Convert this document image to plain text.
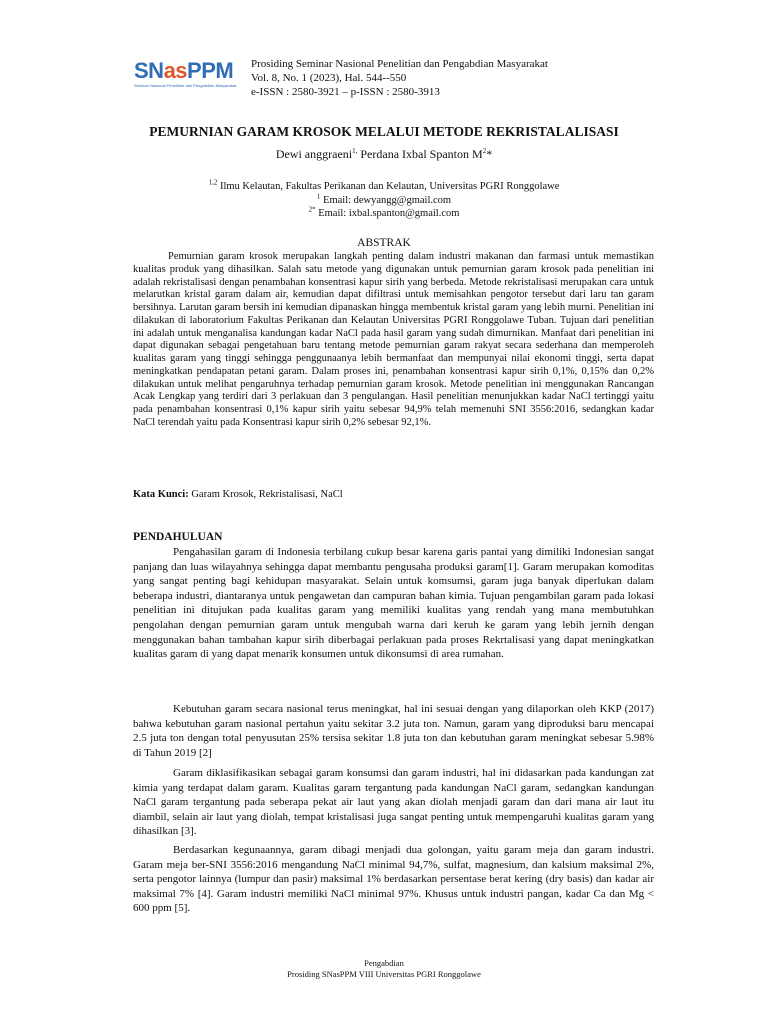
SNasPPM
Seminar Nasional Penelitian dan Pengabdian Masyarakat
Prosiding Seminar Nasional Penelitian dan Pengabdian Masyarakat
Vol. 8, No. 1 (2023), Hal. 544--550
e-ISSN : 2580-3921 – p-ISSN : 2580-3913
PEMURNIAN GARAM KROSOK MELALUI METODE REKRISTALALISASI
Dewi anggraeni$^{1,}$ Perdana Ixbal Spanton $M^2*$
$^{1,2}$ Ilmu Kelautan, Fakultas Perikanan dan Kelautan, Universitas PGRI Ronggolawe
$^1$ Email: dewyangg@gmail.com
$^{2*}$ Email: ixbal.spanton@gmail.com
ABSTRAK

Pemurnian garam krosok merupakan langkah penting dalam industri makanan dan farmasi untuk memastikan kualitas produk yang dihasilkan. Salah satu metode yang digunakan untuk pemurnian garam krosok pada penelitian ini adalah rekristalisasi dengan penambahan konsentrasi kapur sirih yang berbeda. Metode rekristalisasi merupakan cara untuk melarutkan kristal garam dalam air, kemudian dapat difiltrasi untuk memisahkan pengotor tersebut dari laru tan garam bersihnya. Larutan garam bersih ini kemudian dipanaskan hingga membentuk kristal garam yang lebih murni. Penelitian ini dilakukan di laboratorium Fakultas Perikanan dan Kelautan Universitas PGRI Ronggolawe Tuban. Tujuan dari penelitian ini adalah untuk menganalisa kandungan kadar NaCl pada hasil garam yang sudah dimurnikan. Manfaat dari penelitian ini dapat digunakan sebagai pengetahuan baru tentang metode pemurnian garam rakyat secara sederhana dan memperoleh kualitas garam yang tinggi sehingga penggunaanya lebih bermanfaat dan mempunyai nilai ekonomi tinggi, serta dapat meningkatkan pendapatan petani garam. Dalam proses ini, penambahan konsentrasi kapur sirih 0,1%, 0,15% dan 0,2% dilakukan untuk melihat pengaruhnya terhadap pemurnian garam krosok. Metode penelitian ini menggunakan Rancangan Acak Lengkap yang terdiri dari 3 perlakuan dan 3 pengulangan. Hasil penelitian menunjukkan kadar NaCl tertinggi yaitu pada penambahan konsentrasi 0,1% kapur sirih yaitu sebesar 94,9% telah memenuhi SNI 3556:2016, sedangkan kadar NaCl terendah yaitu pada Konsentrasi kapur sirih 0,2% sebesar 92,1%.

Kata Kunci: Garam Krosok, Rekristalisasi, NaCl
PENDAHULUAN

Pengahasilan garam di Indonesia terbilang cukup besar karena garis pantai yang dimiliki Indonesian sangat panjang dan luas wilayahnya sehingga dapat membantu pengusaha produksi garam[1]. Garam merupakan komoditas yang sangat penting bagi kehidupan masyarakat. Selain untuk komsumsi, garam juga banyak diperlukan dalam beberapa industri, diantaranya untuk pengawetan dan campuran bahan kimia. Tujuan pengambilan garam pada lokasi penelitian ini ditujukan pada kualitas garam yang memiliki kualitas yang rendah yang mana membutuhkan pengolahan dengan pemurnian garam untuk mengubah warna dari keruh ke garam yang lebih jernih dengan menggunakan bahan tambahan kapur sirih diberbagai perlakuan pada proses Rekrtalisasi yang dapat meningkatkan kualitas garam di yang dapat menarik konsumen untuk dikonsumsi di area rumahan.

Kebutuhan garam secara nasional terus meningkat, hal ini sesuai dengan yang dilaporkan oleh KKP (2017) bahwa kebutuhan garam nasional pertahun yaitu sekitar 3.2 juta ton. Namun, garam yang diproduksi baru mencapai 2.5 juta ton dengan total penyusutan 25% tersisa sekitar 1.8 juta ton dan kebutuhan garam meningkat sebesar 5.98% di Tahun 2019 [2]

Garam diklasifikasikan sebagai garam konsumsi dan garam industri, hal ini didasarkan pada kandungan zat kimia yang terdapat dalam garam. Kualitas garam tergantung pada kandungan NaCl garam, sedangkan kandungan NaCl garam tergantung pada seberapa pekat air laut yang akan diolah menjadi garam dan dari mana air laut itu diambil, selain air laut yang diolah, tempat kristalisasi juga sangat penting untuk mempengaruhi kualitas garam yang dihasilkan [3].

Berdasarkan kegunaannya, garam dibagi menjadi dua golongan, yaitu garam meja dan garam industri. Garam meja ber-SNI 3556:2016 mengandung NaCl minimal 94,7%, sulfat, magnesium, dan kalsium maksimal 2%, serta pengotor lainnya (lumpur dan pasir) maksimal 1% berdasarkan persentase berat kering (dry basis) dan kadar air maksimal 7% [4]. Garam industri memiliki NaCl minimal 97%. Khusus untuk industri pangan, kadar Ca dan Mg < 600 ppm [5].

Pengabdian
Prosiding SNasPPM VIII Universitas PGRI Ronggolawe
